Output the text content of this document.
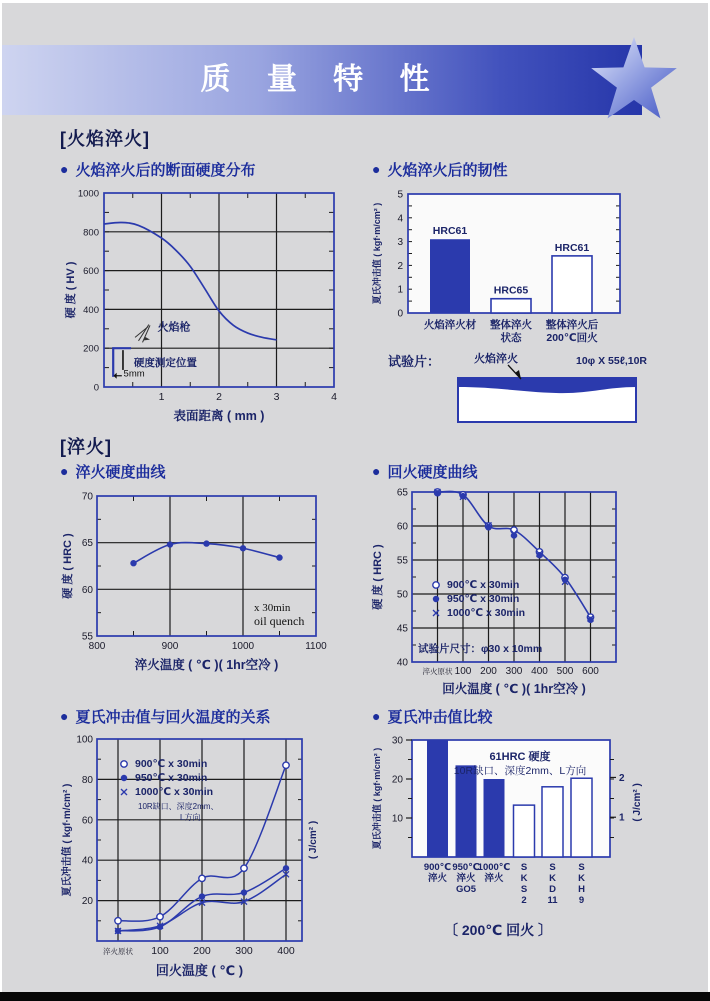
质 量 特 性
[火焰淬火]
● 火焰淬火后的断面硬度分布
0
200
400
600
800
1000
1	2	3	4
硬 度 ( HV )
表面距离 ( mm )
火焰枪
硬度测定位置
5mm
● 火焰淬火后的韧性
0
1
2
3
4
5
HRC61
火焰淬火材
HRC65
整体淬火
状态
HRC61
整体淬火后
200℃回火
夏氏冲击值 ( kgf·m/cm² )
试验片：	火焰淬火	10φ X 55ℓ,10R
[淬火]
● 淬火硬度曲线
55
60
65
70
800	900	1000	1100
x 30min
oil quench
硬 度 ( HRC )
淬火温度 ( ℃ )( 1hr空冷 )
● 回火硬度曲线
40
45
50
55
60
65
淬火原状 100 200 300 400 500 600
900℃ x 30min
950℃ x 30min
1000℃ x 30min
试验片尺寸：φ30 x 10mm
硬 度 ( HRC )
回火温度 ( ℃ )( 1hr空冷 )
● 夏氏冲击值与回火温度的关系
20
40
60
80
100
淬火原状 100 200 300 400
900℃ x 30min
950℃ x 30min
1000℃ x 30min
10R缺口、深度2mm、
L方向
夏氏冲击值 ( kgf·m/cm² )	( J/cm² )
回火温度 ( ℃ )
● 夏氏冲击值比较
10
20
30
1
2
900℃
淬火
950℃
淬火
GO5
1000℃
淬火
S
K
S
2
S
K
D
11
S
K
H
9
61HRC 硬度
10R缺口、深度2mm、L方向
〔 200℃ 回火 〕
夏氏冲击值 ( kgf·m/cm² )	( J/cm² )
